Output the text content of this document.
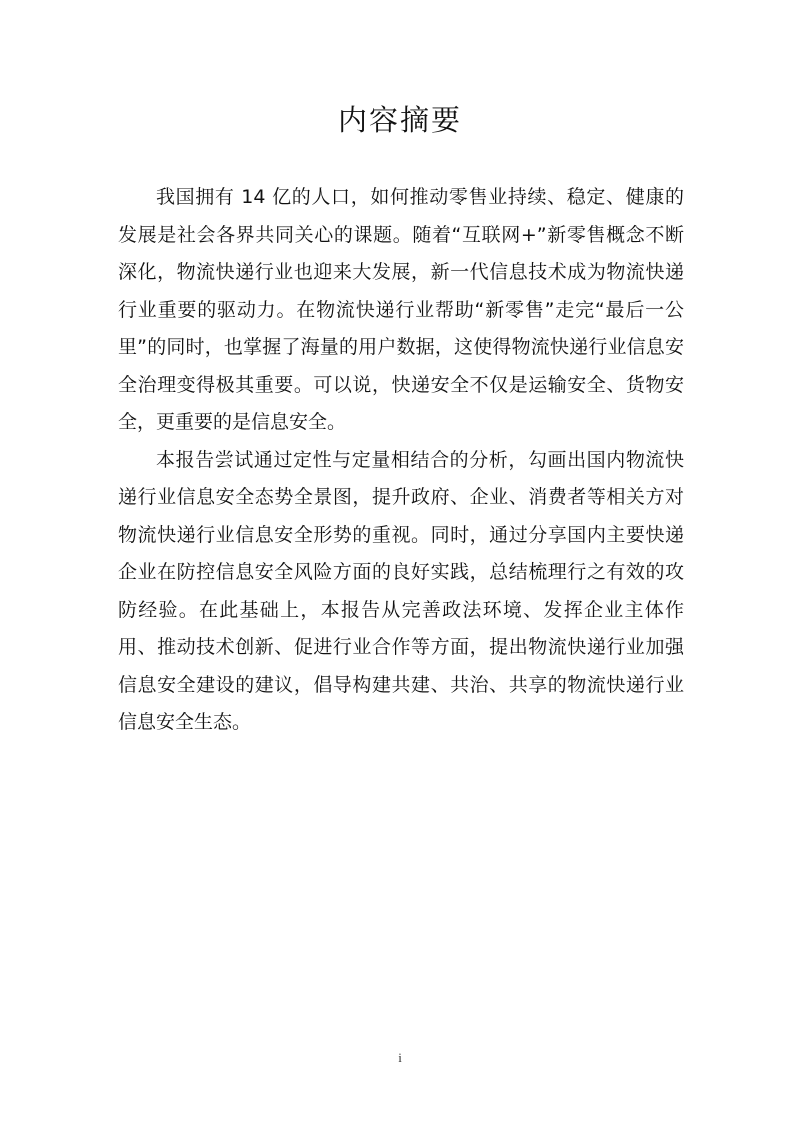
内容摘要

我国拥有 14 亿的人口，如何推动零售业持续、稳定、健康的发展是社会各界共同关心的课题。随着“互联网+”新零售概念不断深化，物流快递行业也迎来大发展，新一代信息技术成为物流快递行业重要的驱动力。在物流快递行业帮助“新零售”走完“最后一公里”的同时，也掌握了海量的用户数据，这使得物流快递行业信息安全治理变得极其重要。可以说，快递安全不仅是运输安全、货物安全，更重要的是信息安全。

本报告尝试通过定性与定量相结合的分析，勾画出国内物流快递行业信息安全态势全景图，提升政府、企业、消费者等相关方对物流快递行业信息安全形势的重视。同时，通过分享国内主要快递企业在防控信息安全风险方面的良好实践，总结梳理行之有效的攻防经验。在此基础上，本报告从完善政法环境、发挥企业主体作用、推动技术创新、促进行业合作等方面，提出物流快递行业加强信息安全建设的建议，倡导构建共建、共治、共享的物流快递行业信息安全生态。

i
